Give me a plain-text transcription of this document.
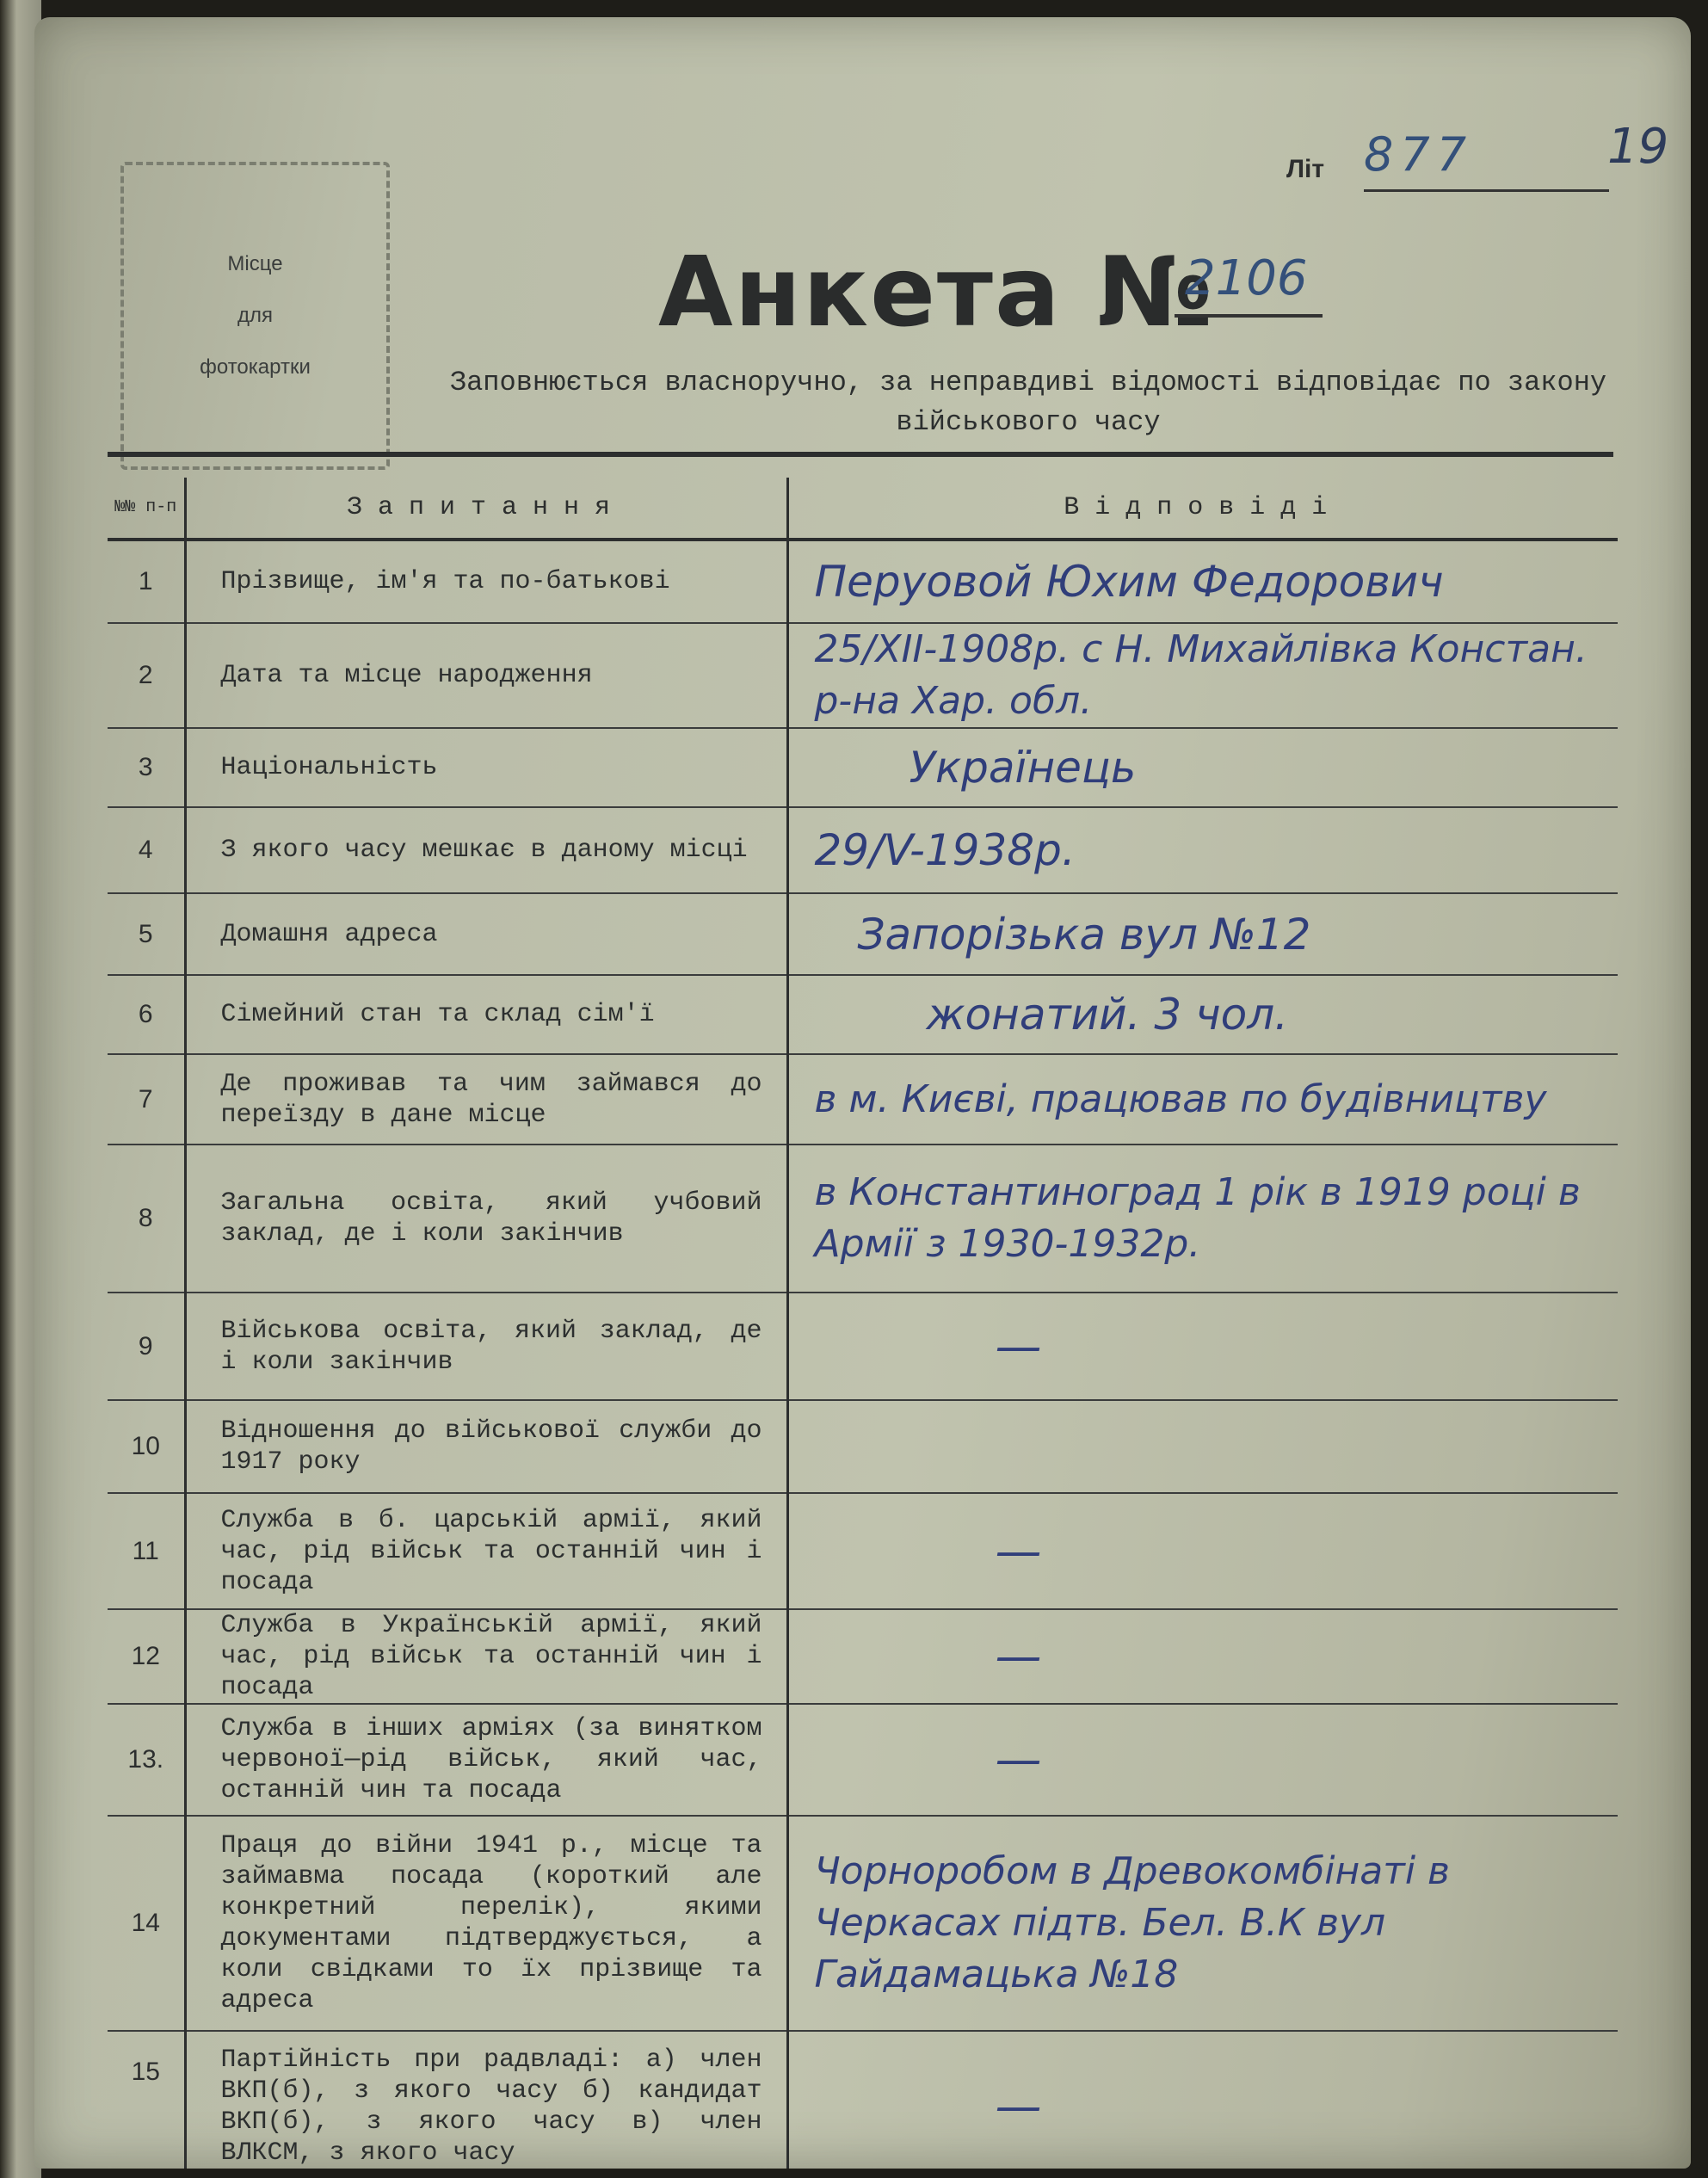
Літ 877	19
Місце
для
фотокартки
Анкета №
2106
Заповнюється власноручно, за неправдиві відомості відповідає по закону
військового часу
№№ п-п	Запитання	Відповіді
1	Прізвище, ім'я та по-батькові	Перуовой Юхим Федорович
2	Дата та місце народження	25/XII-1908р. с Н. Михайлівка Констан. р-на Хар. обл.
3	Національність	Українець
4	З якого часу мешкає в даному місці	29/V-1938р.
5	Домашня адреса	Запорізька вул №12
6	Сімейний стан та склад сім'ї	жонатий. 3 чол.
7	Де проживав та чим займався до переїзду в дане місце	в м. Києві, працював по будівництву
8	Загальна освіта, який учбовий заклад, де і коли закінчив	в Константиноград 1 рік в 1919 році в Армії з 1930-1932р.
9	Військова освіта, який заклад, де і коли закінчив	—
10	Відношення до військової служби до 1917 року	
11	Служба в б. царській армії, який час, рід військ та останній чин і посада	—
12	Служба в Українській армії, який час, рід військ та останній чин і посада	—
13.	Служба в інших арміях (за винятком червоної—рід військ, який час, останній чин та посада	—
14	Праця до війни 1941 р., місце та займавма посада (короткий але конкретний перелік), якими документами підтверджується, а коли свідками то їх прізвище та адреса	Чорноробом в Древокомбінаті в Черкасах підтв. Бел. В.К вул Гайдамацька №18
15	Партійність при радвладі: а) член ВКП(б), з якого часу б) кандидат ВКП(б), з якого часу в) член ВЛКСМ, з якого часу	—
